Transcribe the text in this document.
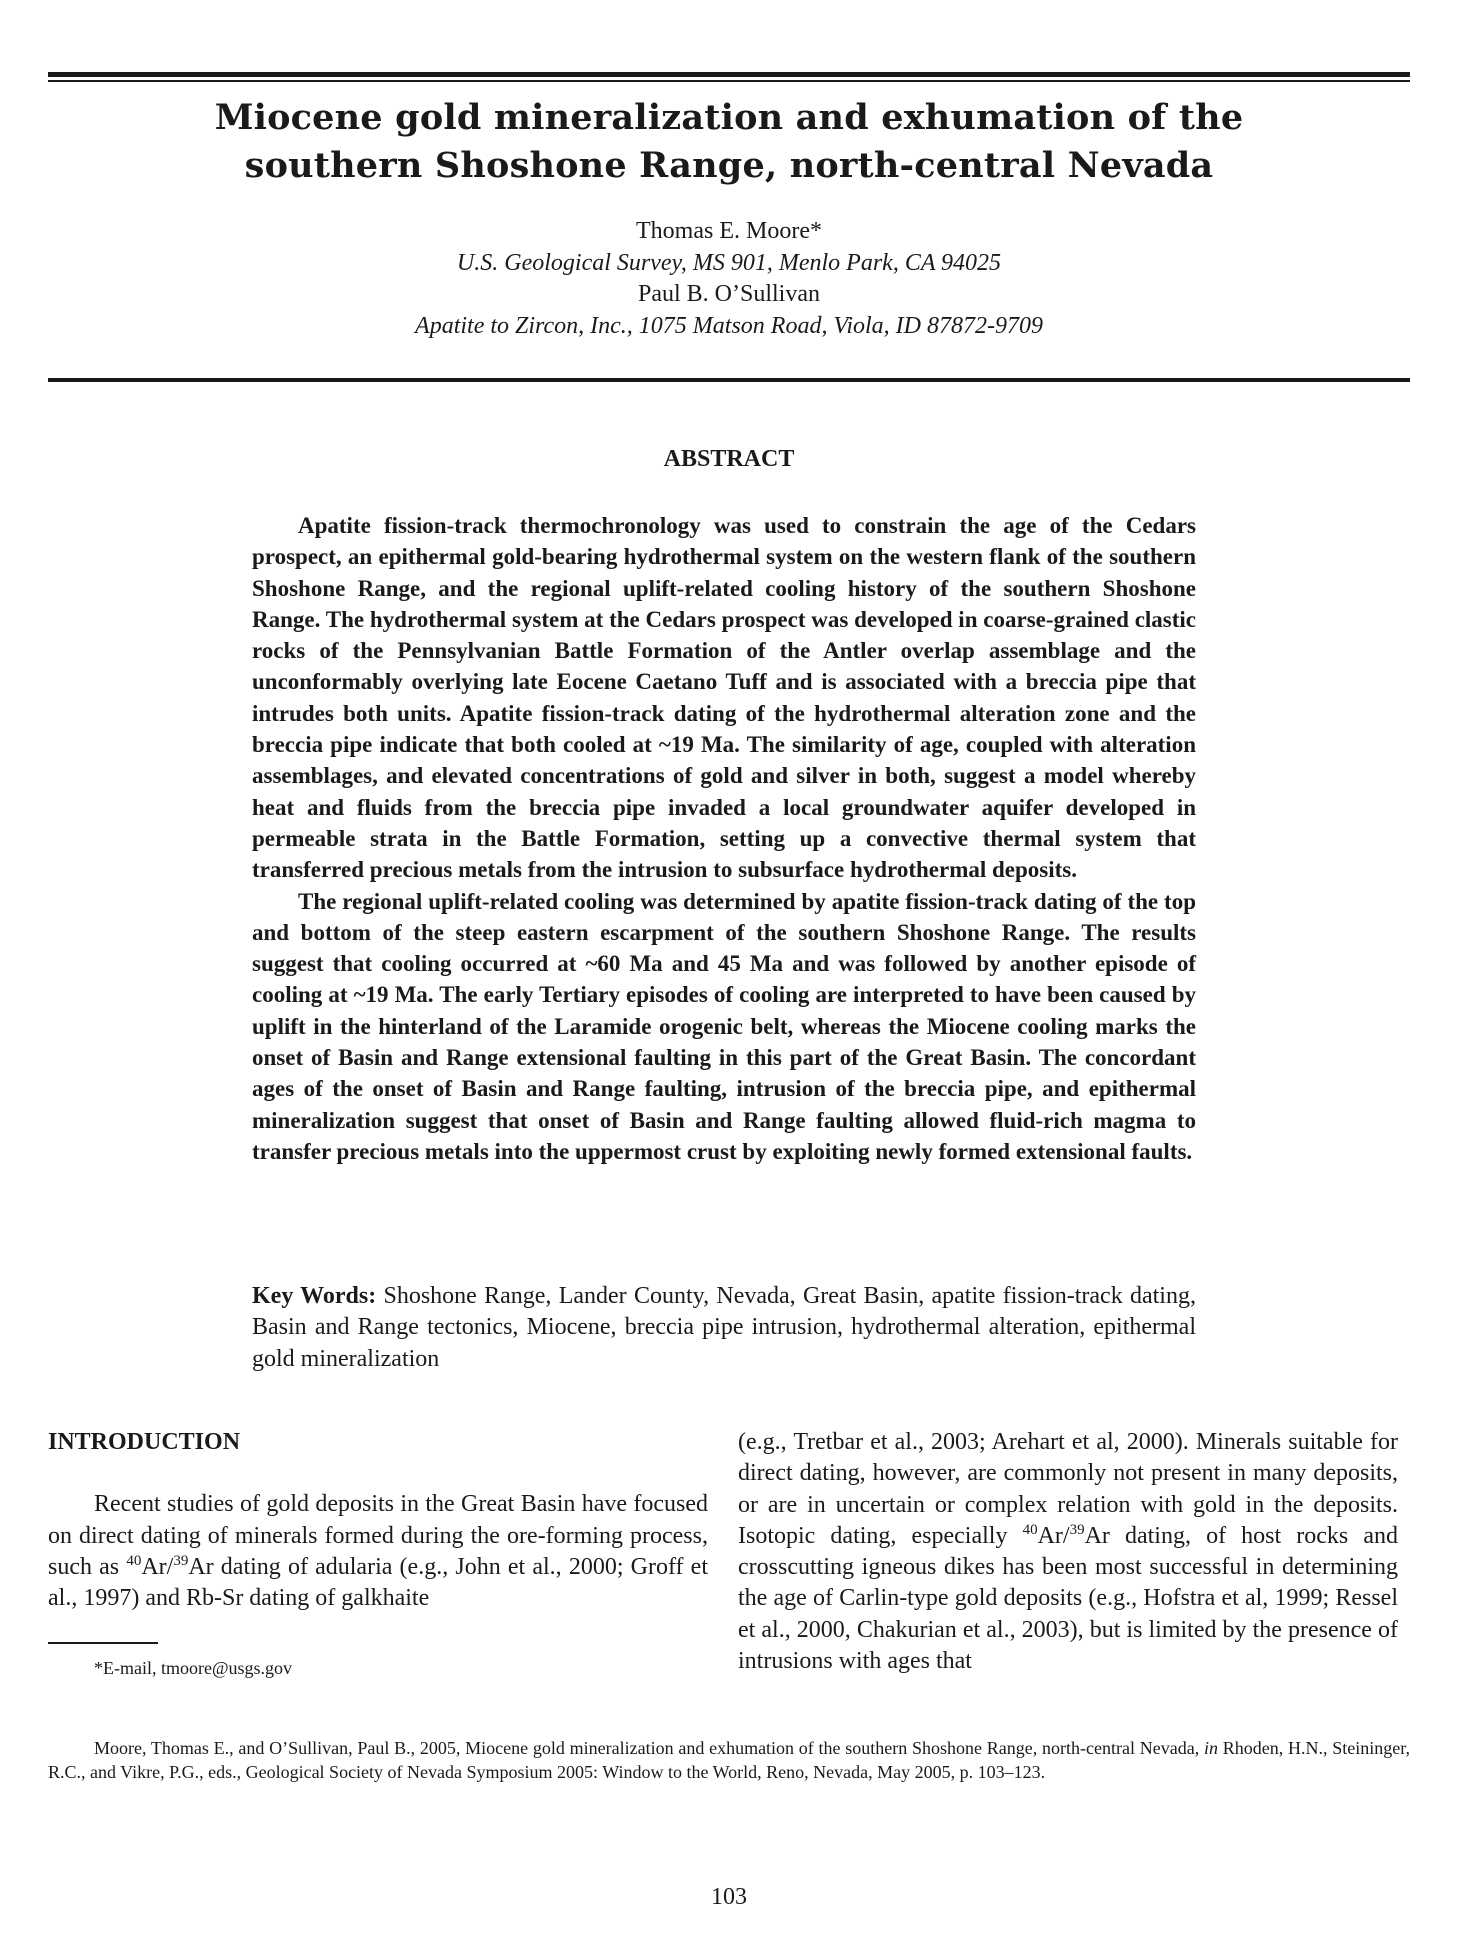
Miocene gold mineralization and exhumation of the
southern Shoshone Range, north-central Nevada
Thomas E. Moore*
U.S. Geological Survey, MS 901, Menlo Park, CA 94025
Paul B. O’Sullivan
Apatite to Zircon, Inc., 1075 Matson Road, Viola, ID 87872-9709
ABSTRACT

Apatite fission-track thermochronology was used to constrain the age of the Cedars prospect, an epithermal gold-bearing hydrothermal system on the western flank of the southern Shoshone Range, and the regional uplift-related cooling history of the southern Shoshone Range. The hydrothermal system at the Cedars prospect was developed in coarse-grained clastic rocks of the Pennsylvanian Battle Formation of the Antler overlap assemblage and the unconformably overlying late Eocene Caetano Tuff and is associated with a breccia pipe that intrudes both units. Apatite fission-track dating of the hydrothermal alteration zone and the breccia pipe indicate that both cooled at ~19 Ma. The similarity of age, coupled with alteration assemblages, and elevated concentrations of gold and silver in both, suggest a model whereby heat and fluids from the breccia pipe invaded a local groundwater aquifer developed in permeable strata in the Battle Formation, setting up a convective thermal system that transferred precious metals from the intrusion to subsurface hydrothermal deposits.

The regional uplift-related cooling was determined by apatite fission-track dating of the top and bottom of the steep eastern escarpment of the southern Shoshone Range. The results suggest that cooling occurred at ~60 Ma and 45 Ma and was followed by another episode of cooling at ~19 Ma. The early Tertiary episodes of cooling are interpreted to have been caused by uplift in the hinterland of the Laramide orogenic belt, whereas the Miocene cooling marks the onset of Basin and Range extensional faulting in this part of the Great Basin. The concordant ages of the onset of Basin and Range faulting, intrusion of the breccia pipe, and epithermal mineralization suggest that onset of Basin and Range faulting allowed fluid-rich magma to transfer precious metals into the uppermost crust by exploiting newly formed extensional faults.

Key Words: Shoshone Range, Lander County, Nevada, Great Basin, apatite fission-track dating, Basin and Range tectonics, Miocene, breccia pipe intrusion, hydrothermal alteration, epithermal gold mineralization
INTRODUCTION

Recent studies of gold deposits in the Great Basin have focused on direct dating of minerals formed during the ore-forming process, such as $^{40}$Ar/$^{39}$Ar dating of adularia (e.g., John et al., 2000; Groff et al., 1997) and Rb-Sr dating of galkhaite

(e.g., Tretbar et al., 2003; Arehart et al, 2000). Minerals suitable for direct dating, however, are commonly not present in many deposits, or are in uncertain or complex relation with gold in the deposits. Isotopic dating, especially $^{40}$Ar/$^{39}$Ar dating, of host rocks and crosscutting igneous dikes has been most successful in determining the age of Carlin-type gold deposits (e.g., Hofstra et al, 1999; Ressel et al., 2000, Chakurian et al., 2003), but is limited by the presence of intrusions with ages that

*E-mail, tmoore@usgs.gov
Moore, Thomas E., and O’Sullivan, Paul B., 2005, Miocene gold mineralization and exhumation of the southern Shoshone Range, north-central Nevada, in Rhoden, H.N., Steininger, R.C., and Vikre, P.G., eds., Geological Society of Nevada Symposium 2005: Window to the World, Reno, Nevada, May 2005, p. 103–123.
103
